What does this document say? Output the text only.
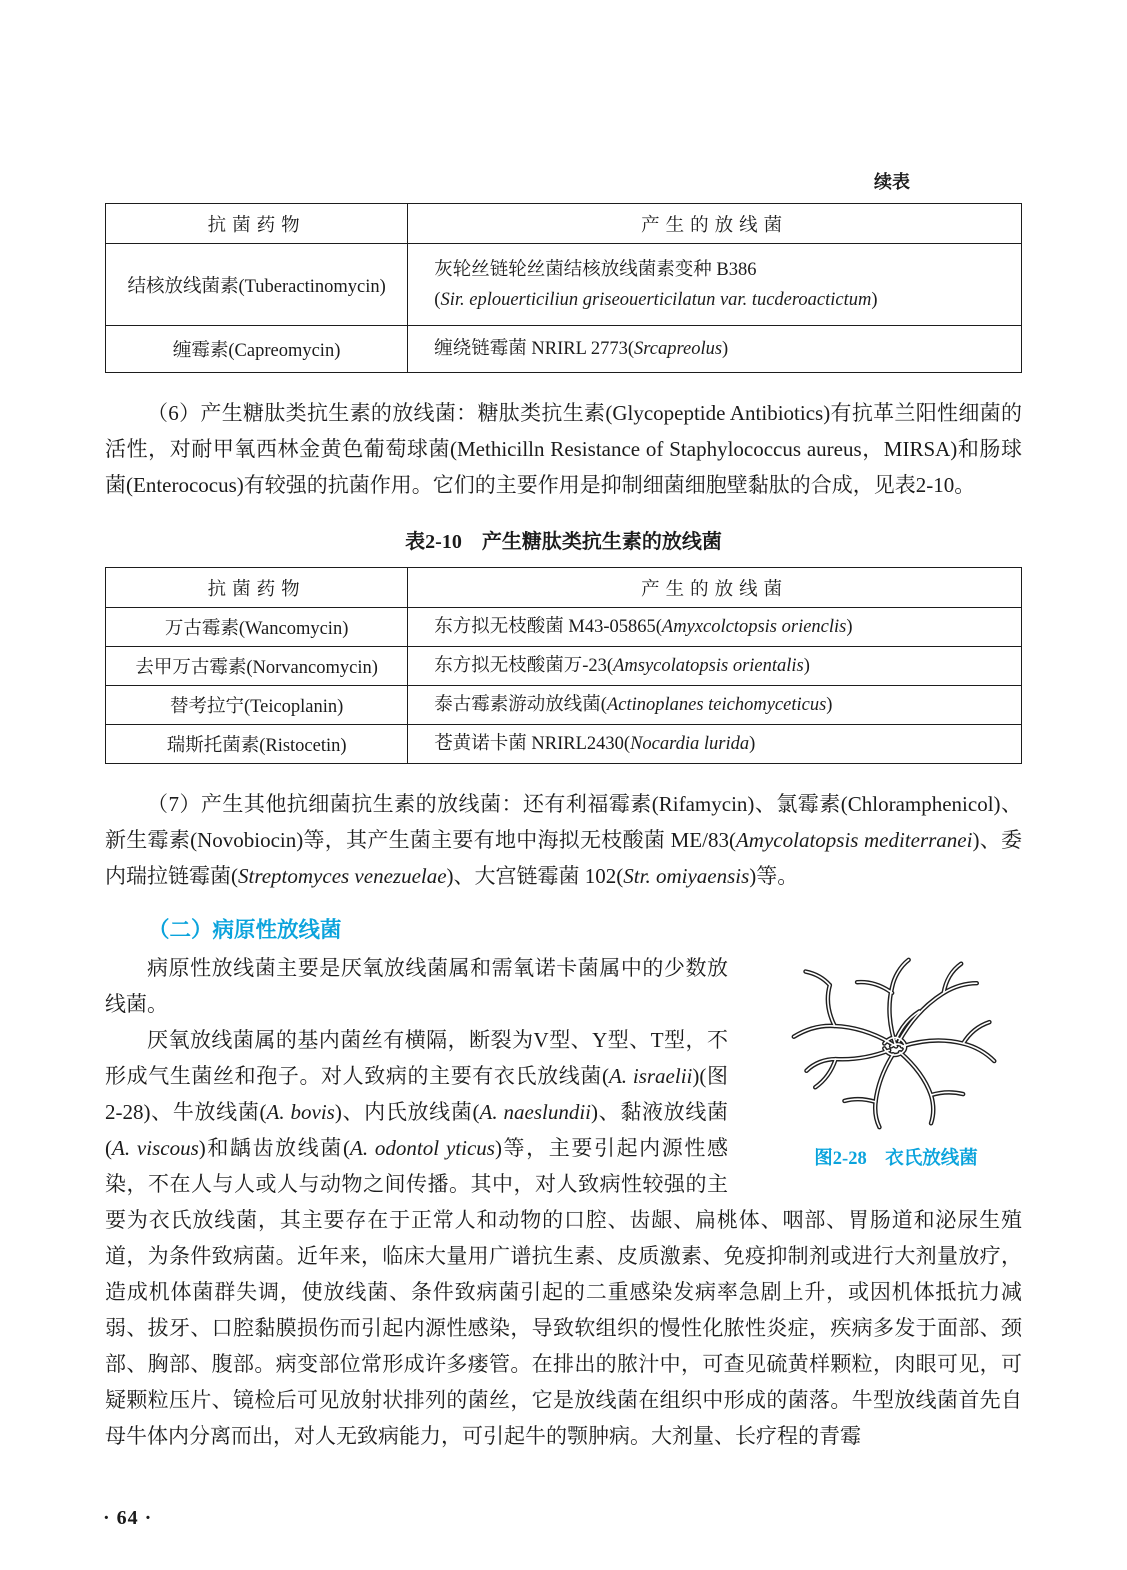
续表
抗菌药物	产生的放线菌
结核放线菌素(Tuberactinomycin)	灰轮丝链轮丝菌结核放线菌素变种 B386
(Sir. eplouerticiliun griseouerticilatun var. tucderoactictum)
缠霉素(Capreomycin)	缠绕链霉菌 NRIRL 2773(Srcapreolus)

（6）产生糖肽类抗生素的放线菌：糖肽类抗生素(Glycopeptide Antibiotics)有抗革兰阳性细菌的活性，对耐甲氧西林金黄色葡萄球菌(Methicilln Resistance of Staphylococcus aureus，MIRSA)和肠球菌(Enterococus)有较强的抗菌作用。它们的主要作用是抑制细菌细胞壁黏肽的合成，见表2-10。

表2-10　产生糖肽类抗生素的放线菌
抗菌药物	产生的放线菌
万古霉素(Wancomycin)	东方拟无枝酸菌 M43-05865(Amyxcolctopsis orienclis)
去甲万古霉素(Norvancomycin)	东方拟无枝酸菌万-23(Amsycolatopsis orientalis)
替考拉宁(Teicoplanin)	泰古霉素游动放线菌(Actinoplanes teichomyceticus)
瑞斯托菌素(Ristocetin)	苍黄诺卡菌 NRIRL2430(Nocardia lurida)

（7）产生其他抗细菌抗生素的放线菌：还有利福霉素(Rifamycin)、氯霉素(Chloramphenicol)、新生霉素(Novobiocin)等，其产生菌主要有地中海拟无枝酸菌 ME/83(Amycolatopsis mediterranei)、委内瑞拉链霉菌(Streptomyces venezuelae)、大宫链霉菌 102(Str. omiyaensis)等。

（二）病原性放线菌
图2-28　衣氏放线菌

病原性放线菌主要是厌氧放线菌属和需氧诺卡菌属中的少数放线菌。

厌氧放线菌属的基内菌丝有横隔，断裂为V型、Y型、T型，不形成气生菌丝和孢子。对人致病的主要有衣氏放线菌(A. israelii)(图2-28)、牛放线菌(A. bovis)、内氏放线菌(A. naeslundii)、黏液放线菌(A. viscous)和龋齿放线菌(A. odontol yticus)等，主要引起内源性感染，不在人与人或人与动物之间传播。其中，对人致病性较强的主要为衣氏放线菌，其主要存在于正常人和动物的口腔、齿龈、扁桃体、咽部、胃肠道和泌尿生殖道，为条件致病菌。近年来，临床大量用广谱抗生素、皮质激素、免疫抑制剂或进行大剂量放疗，造成机体菌群失调，使放线菌、条件致病菌引起的二重感染发病率急剧上升，或因机体抵抗力减弱、拔牙、口腔黏膜损伤而引起内源性感染，导致软组织的慢性化脓性炎症，疾病多发于面部、颈部、胸部、腹部。病变部位常形成许多瘘管。在排出的脓汁中，可查见硫黄样颗粒，肉眼可见，可疑颗粒压片、镜检后可见放射状排列的菌丝，它是放线菌在组织中形成的菌落。牛型放线菌首先自母牛体内分离而出，对人无致病能力，可引起牛的颚肿病。大剂量、长疗程的青霉

· 64 ·
